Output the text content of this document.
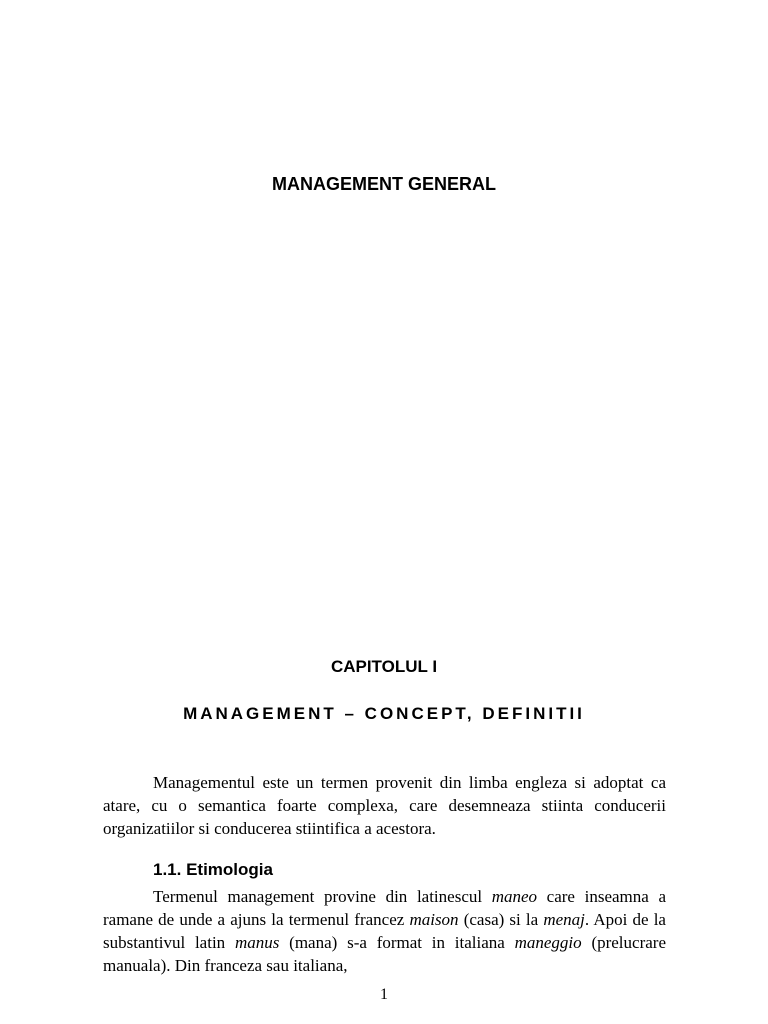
MANAGEMENT GENERAL
CAPITOLUL I
MANAGEMENT – CONCEPT, DEFINITII

Managementul este un termen provenit din limba engleza si adoptat ca atare, cu o semantica foarte complexa, care desemneaza stiinta conducerii organizatiilor si conducerea stiintifica a acestora.

1.1. Etimologia

Termenul management provine din latinescul maneo care inseamna a ramane de unde a ajuns la termenul francez maison (casa) si la menaj. Apoi de la substantivul latin manus (mana) s-a format in italiana maneggio (prelucrare manuala). Din franceza sau italiana,

1
